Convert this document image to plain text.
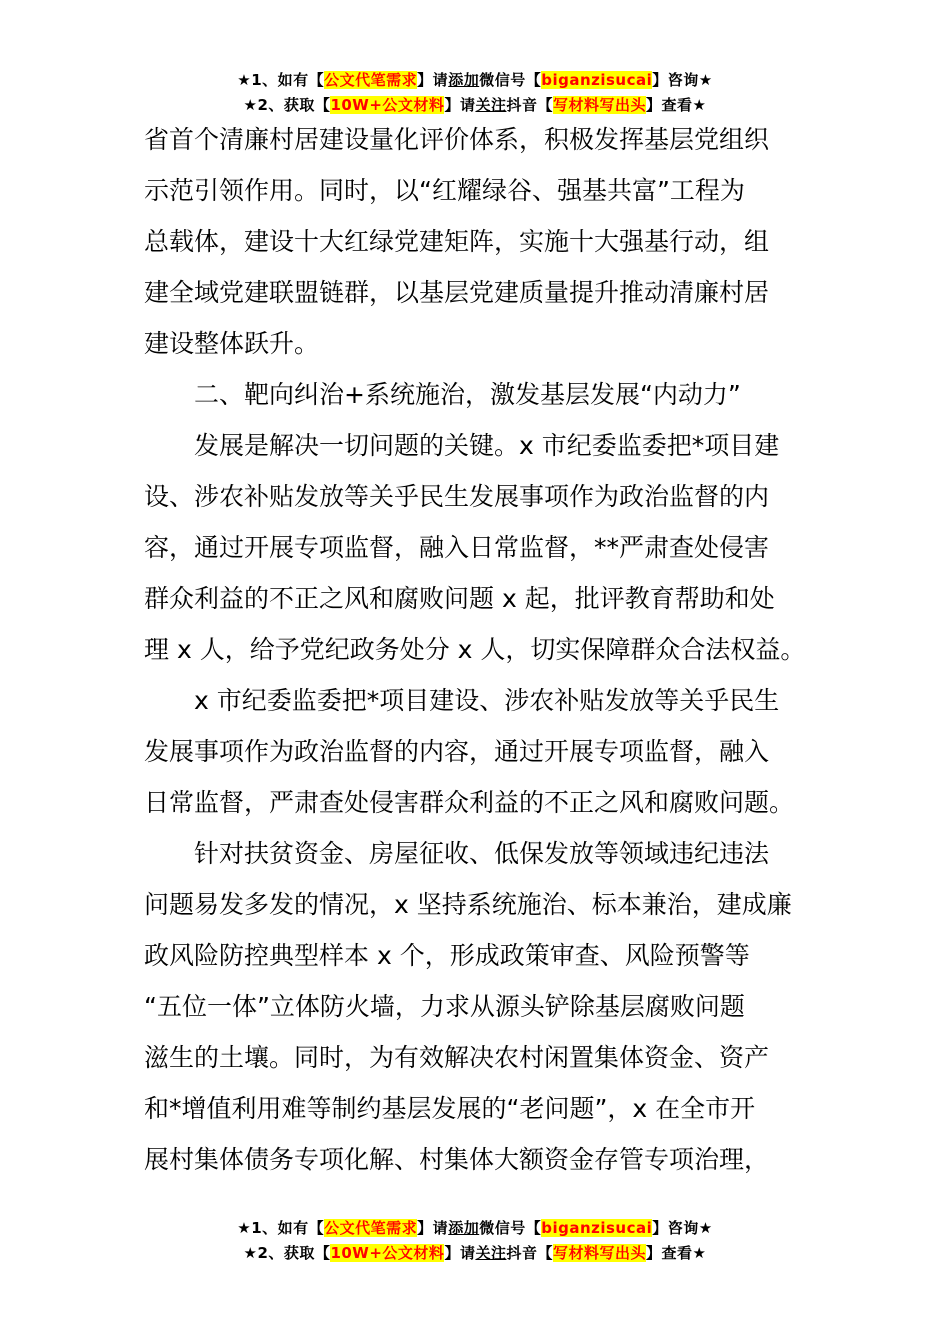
★1、如有【公文代笔需求】请添加微信号【biganzisucai】咨询★
★2、获取【10W+公文材料】请关注抖音【写材料写出头】查看★
省首个清廉村居建设量化评价体系，积极发挥基层党组织
示范引领作用。同时，以“红耀绿谷、强基共富”工程为
总载体，建设十大红绿党建矩阵，实施十大强基行动，组
建全域党建联盟链群，以基层党建质量提升推动清廉村居
建设整体跃升。
二、靶向纠治+系统施治，激发基层发展“内动力”
发展是解决一切问题的关键。x 市纪委监委把*项目建
设、涉农补贴发放等关乎民生发展事项作为政治监督的内
容，通过开展专项监督，融入日常监督，**严肃查处侵害
群众利益的不正之风和腐败问题 x 起，批评教育帮助和处
理 x 人，给予党纪政务处分 x 人，切实保障群众合法权益。
x 市纪委监委把*项目建设、涉农补贴发放等关乎民生
发展事项作为政治监督的内容，通过开展专项监督，融入
日常监督，严肃查处侵害群众利益的不正之风和腐败问题。
针对扶贫资金、房屋征收、低保发放等领域违纪违法
问题易发多发的情况，x 坚持系统施治、标本兼治，建成廉
政风险防控典型样本 x 个，形成政策审查、风险预警等
“五位一体”立体防火墙，力求从源头铲除基层腐败问题
滋生的土壤。同时，为有效解决农村闲置集体资金、资产
和*增值利用难等制约基层发展的“老问题”，x 在全市开
展村集体债务专项化解、村集体大额资金存管专项治理，
★1、如有【公文代笔需求】请添加微信号【biganzisucai】咨询★
★2、获取【10W+公文材料】请关注抖音【写材料写出头】查看★
